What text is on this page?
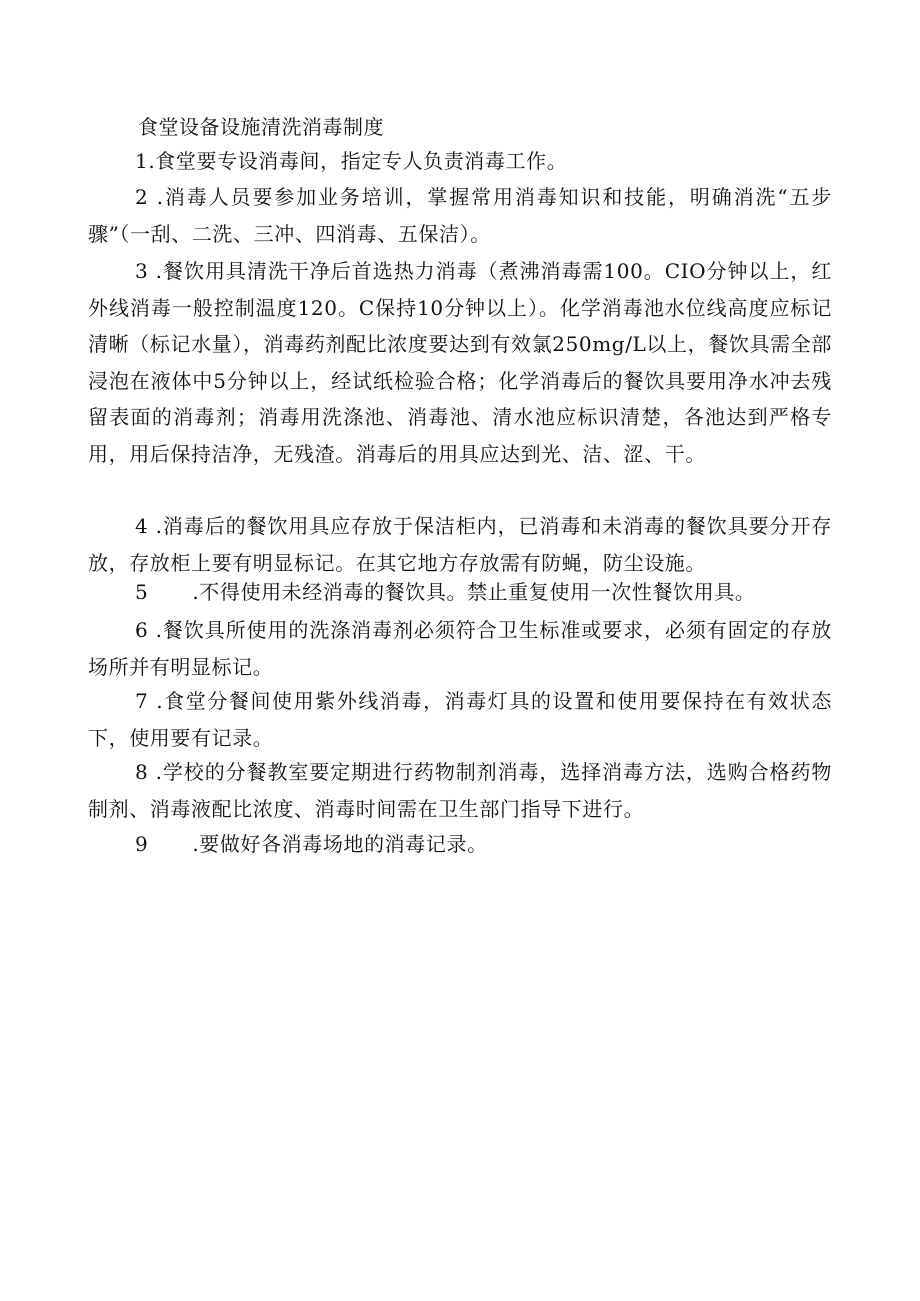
食堂设备设施清洗消毒制度
1.食堂要专设消毒间，指定专人负责消毒工作。
2 .消毒人员要参加业务培训，掌握常用消毒知识和技能，明确消洗“五步骤”（一刮、二洗、三冲、四消毒、五保洁）。
3 .餐饮用具清洗干净后首选热力消毒（煮沸消毒需100。CIO分钟以上，红外线消毒一般控制温度120。C保持10分钟以上）。化学消毒池水位线高度应标记清晰（标记水量），消毒药剂配比浓度要达到有效氯250mg∕L以上，餐饮具需全部浸泡在液体中5分钟以上，经试纸检验合格；化学消毒后的餐饮具要用净水冲去残留表面的消毒剂；消毒用洗涤池、消毒池、清水池应标识清楚，各池达到严格专用，用后保持洁净，无残渣。消毒后的用具应达到光、洁、涩、干。
4 .消毒后的餐饮用具应存放于保洁柜内，已消毒和未消毒的餐饮具要分开存放，存放柜上要有明显标记。在其它地方存放需有防蝇，防尘设施。
5 .不得使用未经消毒的餐饮具。禁止重复使用一次性餐饮用具。
6 .餐饮具所使用的洗涤消毒剂必须符合卫生标准或要求，必须有固定的存放场所并有明显标记。
7 .食堂分餐间使用紫外线消毒，消毒灯具的设置和使用要保持在有效状态下，使用要有记录。
8 .学校的分餐教室要定期进行药物制剂消毒，选择消毒方法，选购合格药物制剂、消毒液配比浓度、消毒时间需在卫生部门指导下进行。
9 .要做好各消毒场地的消毒记录。
